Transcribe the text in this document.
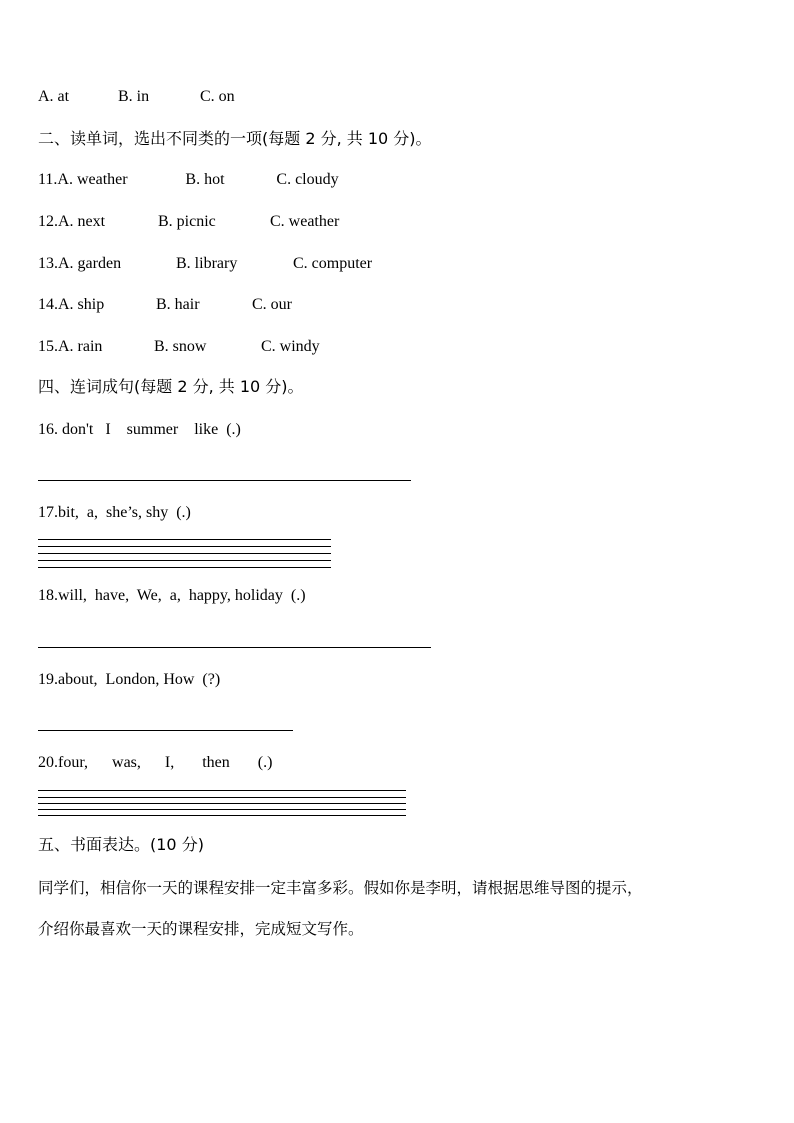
A. at	B. in	C. on
二、读单词，选出不同类的一项(每题 2 分, 共 10 分)。
11.A. weather	B. hot	C. cloudy
12.A. next	B. picnic	C. weather
13.A. garden	B. library	C. computer
14.A. ship	B. hair	C. our
15.A. rain	B. snow	C. windy
四、连词成句(每题 2 分, 共 10 分)。
16. don't   I    summer    like  (.)
17.bit,  a,  she’s, shy  (.)
18.will,  have,  We,  a,  happy, holiday  (.)
19.about,  London, How  (?)
20.four,      was,      I,       then       (.)
五、书面表达。(10 分)
同学们，相信你一天的课程安排一定丰富多彩。假如你是李明，请根据思维导图的提示，
介绍你最喜欢一天的课程安排，完成短文写作。
